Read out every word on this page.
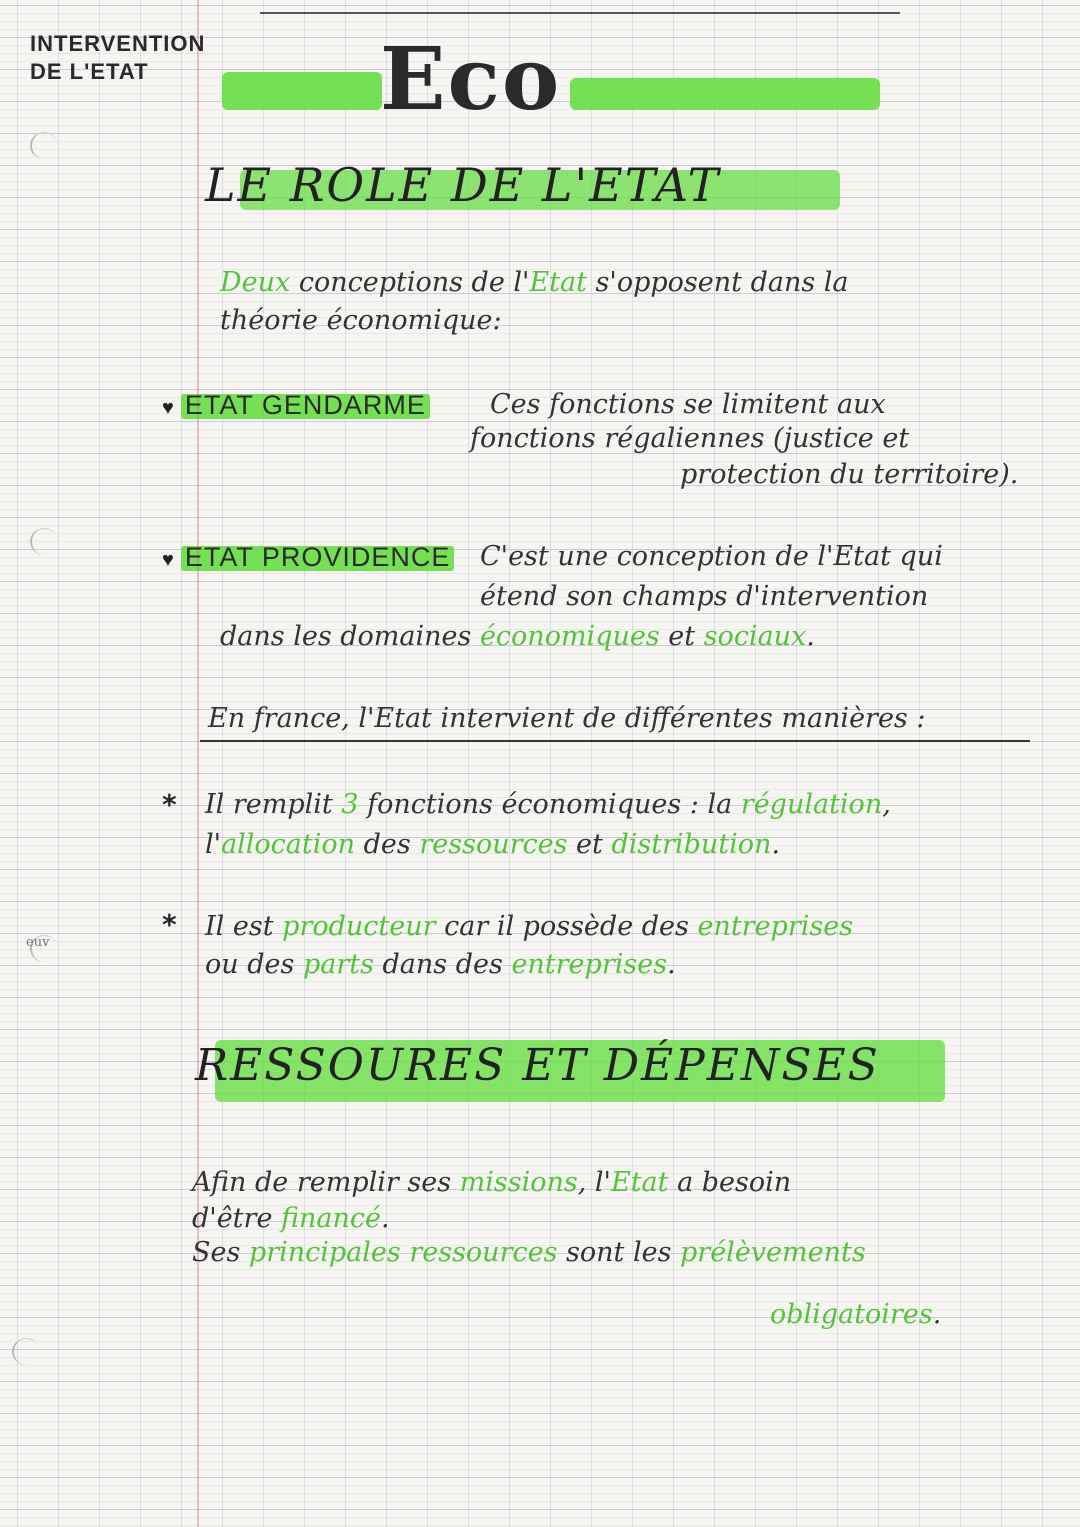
euv
INTERVENTION
DE L'ETAT	Eco
LE ROLE DE L'ETAT
Deux conceptions de l'Etat s'opposent dans la
théorie économique:
♥ ETAT GENDARME Ces fonctions se limitent aux
fonctions régaliennes (justice et
protection du territoire).
♥ ETAT PROVIDENCE C'est une conception de l'Etat qui
étend son champs d'intervention
dans les domaines économiques et sociaux.
En france, l'Etat intervient de différentes manières :
* Il remplit 3 fonctions économiques : la régulation,
l'allocation des ressources et distribution.
* Il est producteur car il possède des entreprises
ou des parts dans des entreprises.
RESSOURES ET DÉPENSES
Afin de remplir ses missions, l'Etat a besoin
d'être financé.
Ses principales ressources sont les prélèvements
obligatoires.
